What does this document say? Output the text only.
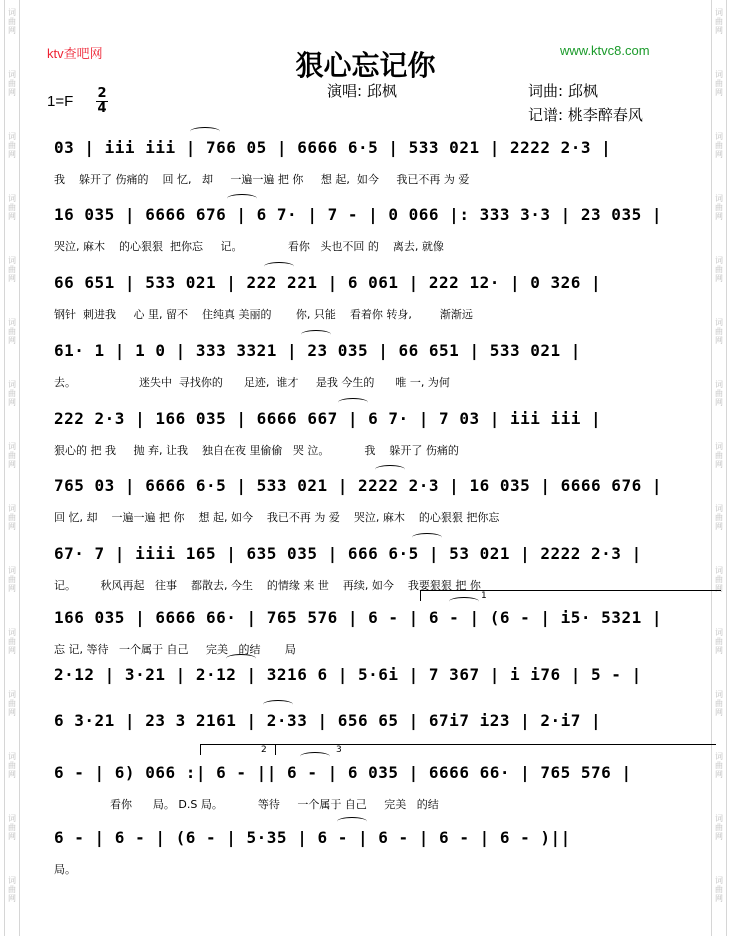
词
曲
网
词
曲
网
词
曲
网
词
曲
网
词
曲
网
词
曲
网
词
曲
网
词
曲
网
词
曲
网
词
曲
网
词
曲
网
词
曲
网
词
曲
网
词
曲
网
词
曲
网
词
曲
网
词
曲
网
词
曲
网
词
曲
网
词
曲
网
词
曲
网
词
曲
网
词
曲
网
词
曲
网
词
曲
网
词
曲
网
词
曲
网
词
曲
网
词
曲
网
词
曲
网
ktv查吧网	www.ktvc8.com
狠心忘记你
演唱: 邱枫	词曲: 邱枫
记谱: 桃李醉春风
1=F 2
4
03 | iii iii | 766 05 | 6666 6·5 | 533 021 | 2222 2·3 |
我    躲开了 伤痛的    回 忆,   却     一遍一遍 把 你     想 起,  如今     我已不再 为 爱
16 035 | 6666 676 | 6 7· | 7 - | 0 066 |: 333 3·3 | 23 035 |
哭泣, 麻木    的心狠狠  把你忘     记。             看你   头也不回 的    离去, 就像
66 651 | 533 021 | 222 221 | 6 061 | 222 12· | 0 326 |
钢针  刺进我     心 里, 留不    住纯真 美丽的       你, 只能    看着你 转身,        渐渐远
61· 1 | 1 0 | 333 3321 | 23 035 | 66 651 | 533 021 |
去。                  迷失中  寻找你的      足迹,  谁才     是我 今生的      唯 一, 为何
222 2·3 | 166 035 | 6666 667 | 6 7· | 7 03 | iii iii |
狠心的 把 我     抛 弃, 让我    独自在夜 里偷偷   哭 泣。          我    躲开了 伤痛的
765 03 | 6666 6·5 | 533 021 | 2222 2·3 | 16 035 | 6666 676 |
回 忆, 却    一遍一遍 把 你    想 起, 如今    我已不再 为 爱    哭泣, 麻木    的心狠狠 把你忘
67· 7 | iiii 165 | 635 035 | 666 6·5 | 53 021 | 2222 2·3 |
记。       秋风再起   往事    都散去, 今生    的情缘 来 世    再续, 如今    我要狠狠 把 你
166 035 | 6666 66· | 765 576 | 6 - | 6 - | (6 - | i5· 5321 |
忘 记, 等待   一个属于 自己     完美   的结       局
2·12 | 3·21 | 2·12 | 3216 6 | 5·6i | 7 367 | i i76 | 5 - |
6 3·21 | 23 3 2161 | 2·33 | 656 65 | 67i7 i23 | 2·i7 |
6 - | 6) 066 :| 6 - || 6 - | 6 035 | 6666 66· | 765 576 |
看你      局。 D.S 局。          等待     一个属于 自己     完美   的结
6 - | 6 - | (6 - | 5·35 | 6 - | 6 - | 6 - | 6 - )||
局。
1
2	3
